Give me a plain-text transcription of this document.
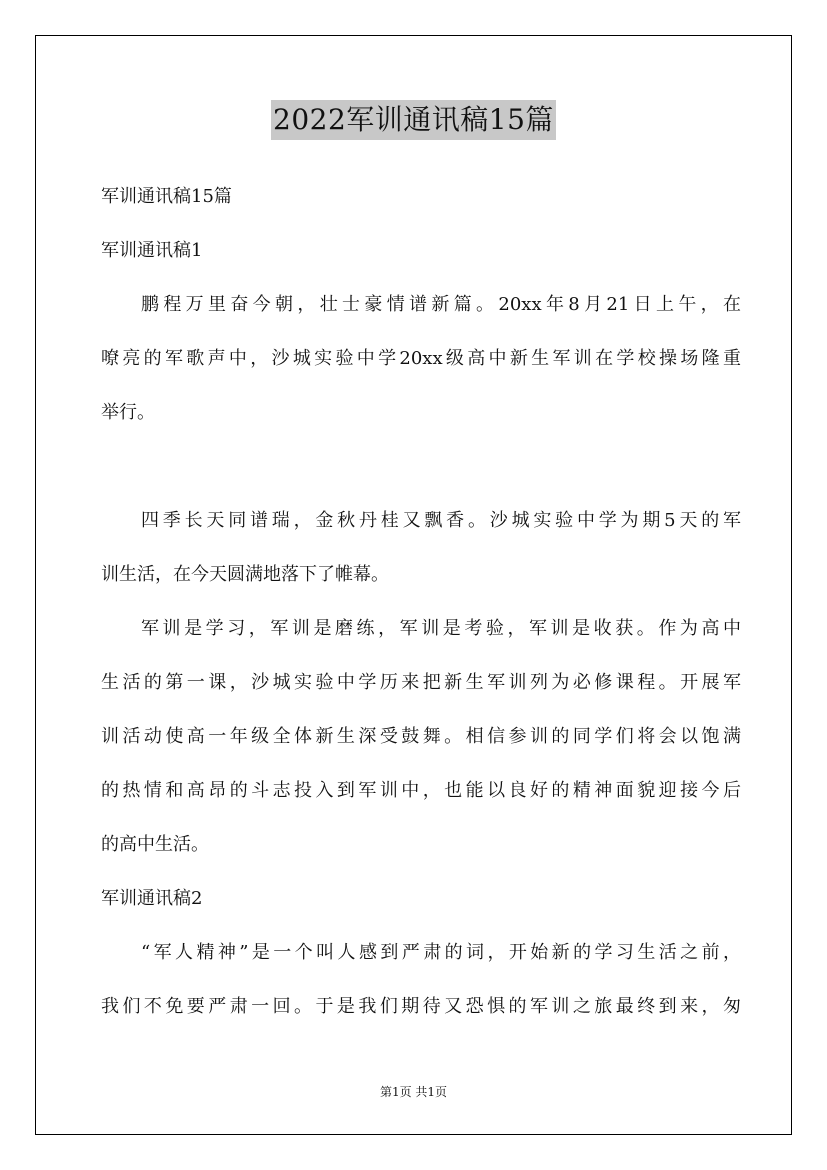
2022军训通讯稿15篇
军训通讯稿15篇
军训通讯稿1
鹏程万里奋今朝，壮士豪情谱新篇。20xx年8月21日上午，在
嘹亮的军歌声中，沙城实验中学20xx级高中新生军训在学校操场隆重
举行。
四季长天同谱瑞，金秋丹桂又飘香。沙城实验中学为期5天的军
训生活，在今天圆满地落下了帷幕。
军训是学习，军训是磨练，军训是考验，军训是收获。作为高中
生活的第一课，沙城实验中学历来把新生军训列为必修课程。开展军
训活动使高一年级全体新生深受鼓舞。相信参训的同学们将会以饱满
的热情和高昂的斗志投入到军训中，也能以良好的精神面貌迎接今后
的高中生活。
军训通讯稿2
“军人精神”是一个叫人感到严肃的词，开始新的学习生活之前，
我们不免要严肃一回。于是我们期待又恐惧的军训之旅最终到来，匆
第1页 共1页
